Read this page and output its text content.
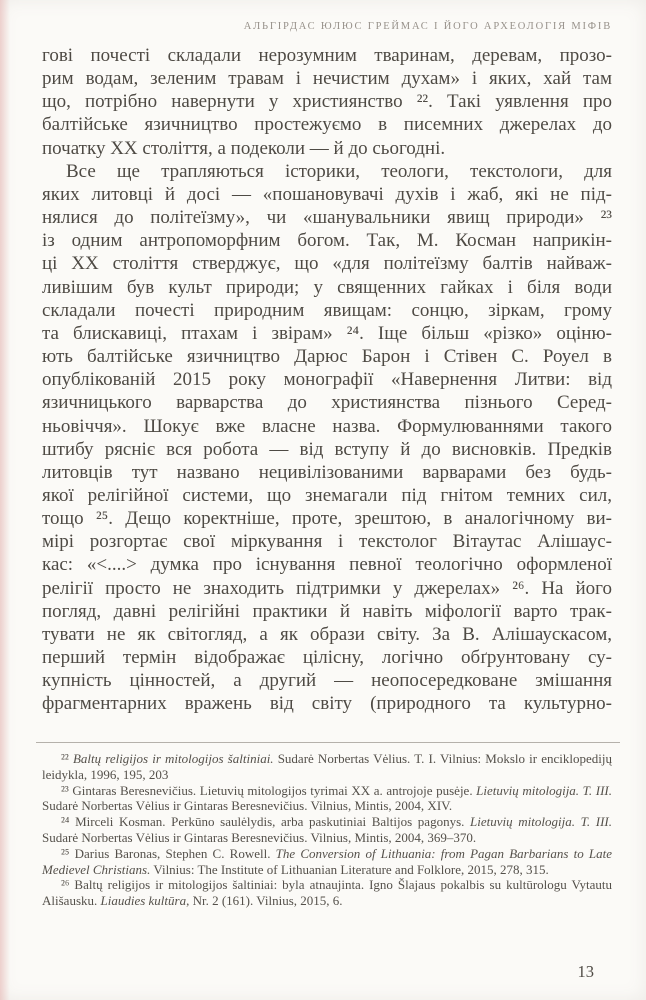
АЛЬГІРДАС ЮЛЮС ГРЕЙМАС І ЙОГО АРХЕОЛОГІЯ МІФІВ
гові почесті складали нерозумним тваринам, деревам, прозо-
рим водам, зеленим травам і нечистим духам» і яких, хай там
що, потрібно навернути у християнство ²². Такі уявлення про
балтійське язичництво простежуємо в писемних джерелах до
початку XX століття, а подеколи — й до сьогодні.
Все ще трапляються історики, теологи, текстологи, для
яких литовці й досі — «пошановувачі духів і жаб, які не під-
нялися до політеїзму», чи «шанувальники явищ природи» ²³
із одним антропоморфним богом. Так, М. Косман наприкін-
ці XX століття стверджує, що «для політеїзму балтів найваж-
ливішим був культ природи; у священних гайках і біля води
складали почесті природним явищам: сонцю, зіркам, грому
та блискавиці, птахам і звірам» ²⁴. Іще більш «різко» оціню-
ють балтійське язичництво Дарюс Барон і Стівен С. Роуел в
опублікованій 2015 року монографії «Навернення Литви: від
язичницького варварства до християнства пізнього Серед-
ньовіччя». Шокує вже власне назва. Формулюваннями такого
штибу рясніє вся робота — від вступу й до висновків. Предків
литовців тут названо нецивілізованими варварами без будь-
якої релігійної системи, що знемагали під гнітом темних сил,
тощо ²⁵. Дещо коректніше, проте, зрештою, в аналогічному ви-
мірі розгортає свої міркування і текстолог Вітаутас Алішаус-
кас: «<....> думка про існування певної теологічно оформленої
релігії просто не знаходить підтримки у джерелах» ²⁶. На його
погляд, давні релігійні практики й навіть міфології варто трак-
тувати не як світогляд, а як образи світу. За В. Алішаускасом,
перший термін відображає цілісну, логічно обґрунтовану су-
купність цінностей, а другий — неопосередковане змішання
фрагментарних вражень від світу (природного та культурно-

²² Baltų religijos ir mitologijos šaltiniai. Sudarė Norbertas Vėlius. T. I. Vilnius: Mokslo ir enciklopedijų leidykla, 1996, 195, 203

²³ Gintaras Beresnevičius. Lietuvių mitologijos tyrimai XX a. antrojoje pusėje. Lietuvių mitologija. T. III. Sudarė Norbertas Vėlius ir Gintaras Beresnevičius. Vilnius, Mintis, 2004, XIV.

²⁴ Mirceli Kosman. Perkūno saulėlydis, arba paskutiniai Baltijos pagonys. Lietuvių mitologija. T. III. Sudarė Norbertas Vėlius ir Gintaras Beresnevičius. Vilnius, Mintis, 2004, 369–370.

²⁵ Darius Baronas, Stephen C. Rowell. The Conversion of Lithuania: from Pagan Barbarians to Late Medievel Christians. Vilnius: The Institute of Lithuanian Literature and Folklore, 2015, 278, 315.

²⁶ Baltų religijos ir mitologijos šaltiniai: byla atnaujinta. Igno Šlajaus pokalbis su kultūrologu Vytautu Ališausku. Liaudies kultūra, Nr. 2 (161). Vilnius, 2015, 6.

13
